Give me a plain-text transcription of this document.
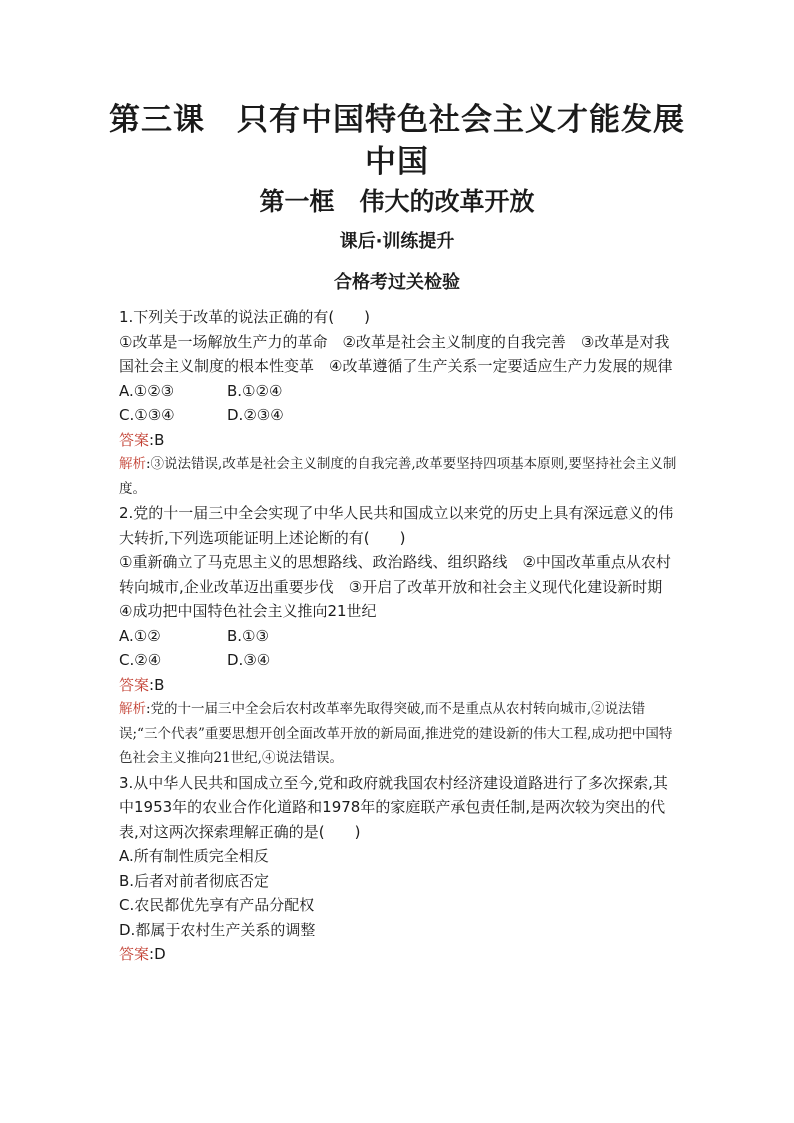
第三课　只有中国特色社会主义才能发展
中国
第一框　伟大的改革开放
课后·训练提升
合格考过关检验

1.下列关于改革的说法正确的有(　　)

①改革是一场解放生产力的革命　②改革是社会主义制度的自我完善　③改革是对我国社会主义制度的根本性变革　④改革遵循了生产关系一定要适应生产力发展的规律

A.①②③	B.①②④
C.①③④	D.②③④

答案:B

解析:③说法错误,改革是社会主义制度的自我完善,改革要坚持四项基本原则,要坚持社会主义制度。

2.党的十一届三中全会实现了中华人民共和国成立以来党的历史上具有深远意义的伟大转折,下列选项能证明上述论断的有(　　)

①重新确立了马克思主义的思想路线、政治路线、组织路线　②中国改革重点从农村转向城市,企业改革迈出重要步伐　③开启了改革开放和社会主义现代化建设新时期　④成功把中国特色社会主义推向21世纪

A.①②	B.①③
C.②④	D.③④

答案:B

解析:党的十一届三中全会后农村改革率先取得突破,而不是重点从农村转向城市,②说法错误;“三个代表”重要思想开创全面改革开放的新局面,推进党的建设新的伟大工程,成功把中国特色社会主义推向21世纪,④说法错误。

3.从中华人民共和国成立至今,党和政府就我国农村经济建设道路进行了多次探索,其中1953年的农业合作化道路和1978年的家庭联产承包责任制,是两次较为突出的代表,对这两次探索理解正确的是(　　)

A.所有制性质完全相反

B.后者对前者彻底否定

C.农民都优先享有产品分配权

D.都属于农村生产关系的调整

答案:D
